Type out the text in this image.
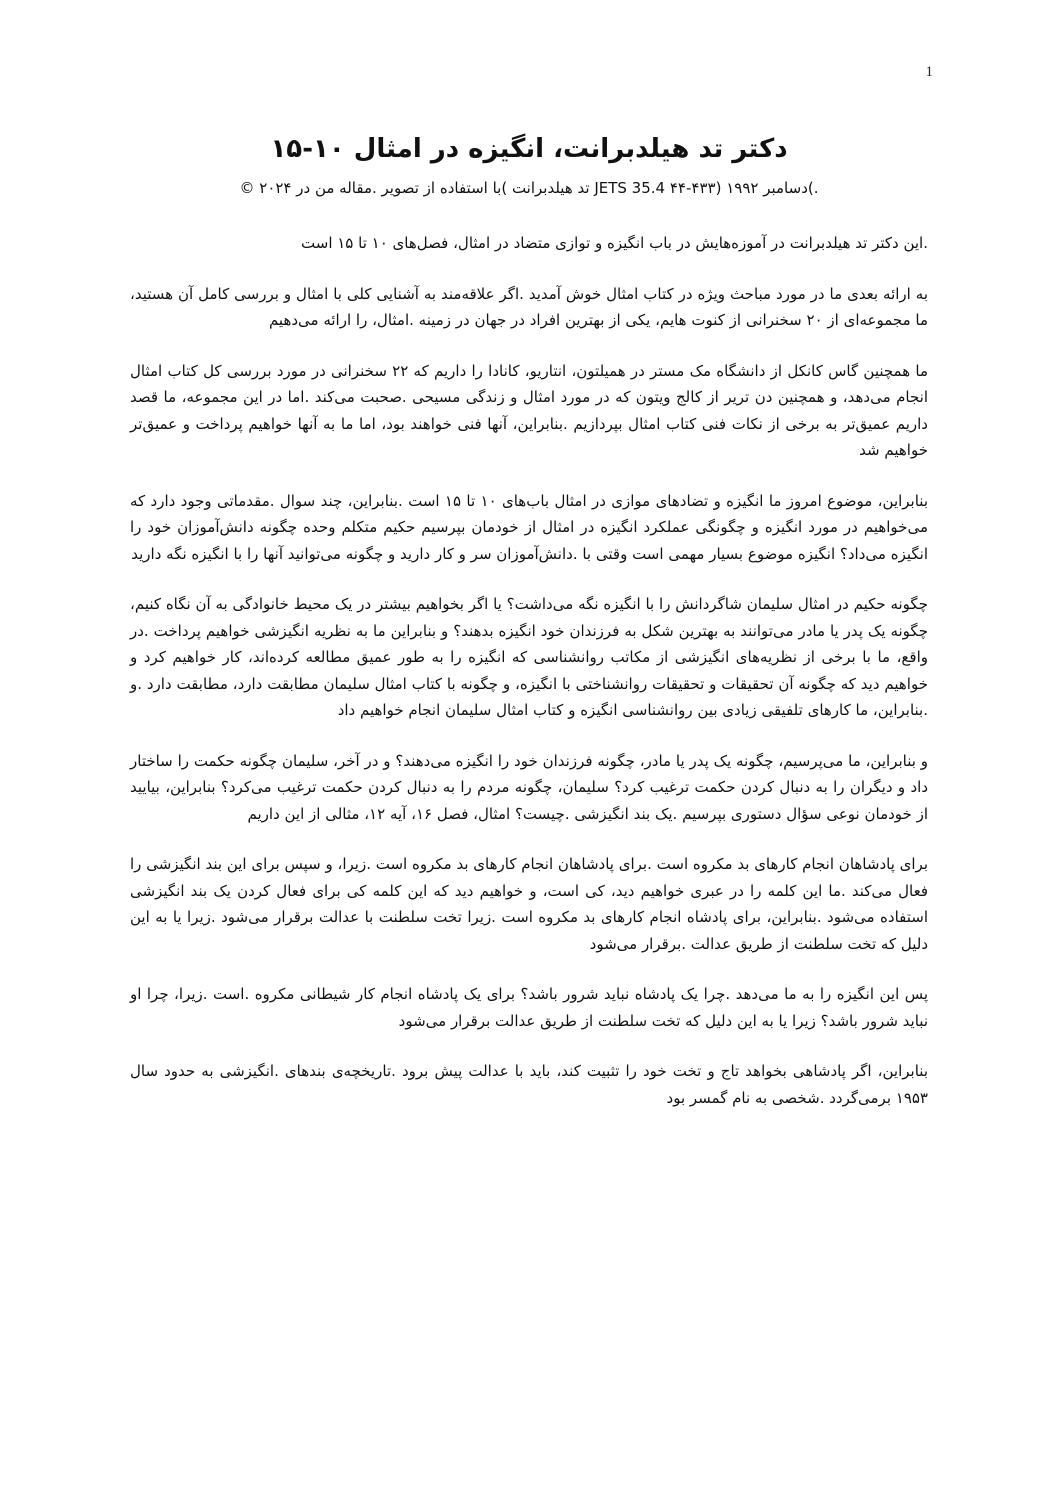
1
دکتر تد هیلدبرانت، انگیزه در امثال ۱۰-۱۵
.)دسامبر ۱۹۹۲ (۴۳۳-۴۴ JETS 35.4 تد هیلدبرانت )با استفاده از تصویر .مقاله من در ۲۰۲۴ ©

.این دکتر تد هیلدبرانت در آموزه‌هایش در باب انگیزه و توازی متضاد در امثال، فصل‌های ۱۰ تا ۱۵ است

به ارائه بعدی ما در مورد مباحث ویژه در کتاب امثال خوش آمدید .اگر علاقه‌مند به آشنایی کلی با امثال و بررسی کامل آن هستید، ما مجموعه‌ای از ۲۰ سخنرانی از کنوت هایم، یکی از بهترین افراد در جهان در زمینه .امثال، را ارائه می‌دهیم

ما همچنین گاس کانکل از دانشگاه مک مستر در همیلتون، انتاریو، کانادا را داریم که ۲۲ سخنرانی در مورد بررسی کل کتاب امثال انجام می‌دهد، و همچنین دن تریر از کالج ویتون که در مورد امثال و زندگی مسیحی .صحبت می‌کند .اما در این مجموعه، ما قصد داریم عمیق‌تر به برخی از نکات فنی کتاب امثال بپردازیم .بنابراین، آنها فنی خواهند بود، اما ما به آنها خواهیم پرداخت و عمیق‌تر خواهیم شد

بنابراین، موضوع امروز ما انگیزه و تضادهای موازی در امثال باب‌های ۱۰ تا ۱۵ است .بنابراین، چند سوال .مقدماتی وجود دارد که می‌خواهیم در مورد انگیزه و چگونگی عملکرد انگیزه در امثال از خودمان بپرسیم حکیم متکلم وحده چگونه دانش‌آموزان خود را انگیزه می‌داد؟ انگیزه موضوع بسیار مهمی است وقتی با .دانش‌آموزان سر و کار دارید و چگونه می‌توانید آنها را با انگیزه نگه دارید

چگونه حکیم در امثال سلیمان شاگردانش را با انگیزه نگه می‌داشت؟ یا اگر بخواهیم بیشتر در یک محیط خانوادگی به آن نگاه کنیم، چگونه یک پدر یا مادر می‌توانند به بهترین شکل به فرزندان خود انگیزه بدهند؟ و بنابراین ما به نظریه انگیزشی خواهیم پرداخت .در واقع، ما با برخی از نظریه‌های انگیزشی از مکاتب روانشناسی که انگیزه را به طور عمیق مطالعه کرده‌اند، کار خواهیم کرد و خواهیم دید که چگونه آن تحقیقات و تحقیقات روانشناختی با انگیزه، و چگونه با کتاب امثال سلیمان مطابقت دارد، مطابقت دارد .و .بنابراین، ما کارهای تلفیقی زیادی بین روانشناسی انگیزه و کتاب امثال سلیمان انجام خواهیم داد

و بنابراین، ما می‌پرسیم، چگونه یک پدر یا مادر، چگونه فرزندان خود را انگیزه می‌دهند؟ و در آخر، سلیمان چگونه حکمت را ساختار داد و دیگران را به دنبال کردن حکمت ترغیب کرد؟ سلیمان، چگونه مردم را به دنبال کردن حکمت ترغیب می‌کرد؟ بنابراین، بیایید از خودمان نوعی سؤال دستوری بپرسیم .یک بند انگیزشی .چیست؟ امثال، فصل ۱۶، آیه ۱۲، مثالی از این داریم

برای پادشاهان انجام کارهای بد مکروه است .برای پادشاهان انجام کارهای بد مکروه است .زیرا، و سپس برای این بند انگیزشی را فعال می‌کند .ما این کلمه را در عبری خواهیم دید، کی است، و خواهیم دید که این کلمه کی برای فعال کردن یک بند انگیزشی استفاده می‌شود .بنابراین، برای پادشاه انجام کارهای بد مکروه است .زیرا تخت سلطنت با عدالت برقرار می‌شود .زیرا یا به این دلیل که تخت سلطنت از طریق عدالت .برقرار می‌شود

پس این انگیزه را به ما می‌دهد .چرا یک پادشاه نباید شرور باشد؟ برای یک پادشاه انجام کار شیطانی مکروه .است .زیرا، چرا او نباید شرور باشد؟ زیرا یا به این دلیل که تخت سلطنت از طریق عدالت برقرار می‌شود

بنابراین، اگر پادشاهی بخواهد تاج و تخت خود را تثبیت کند، باید با عدالت پیش برود .تاریخچه‌ی بندهای .انگیزشی به حدود سال ۱۹۵۳ برمی‌گردد .شخصی به نام گمسر بود
